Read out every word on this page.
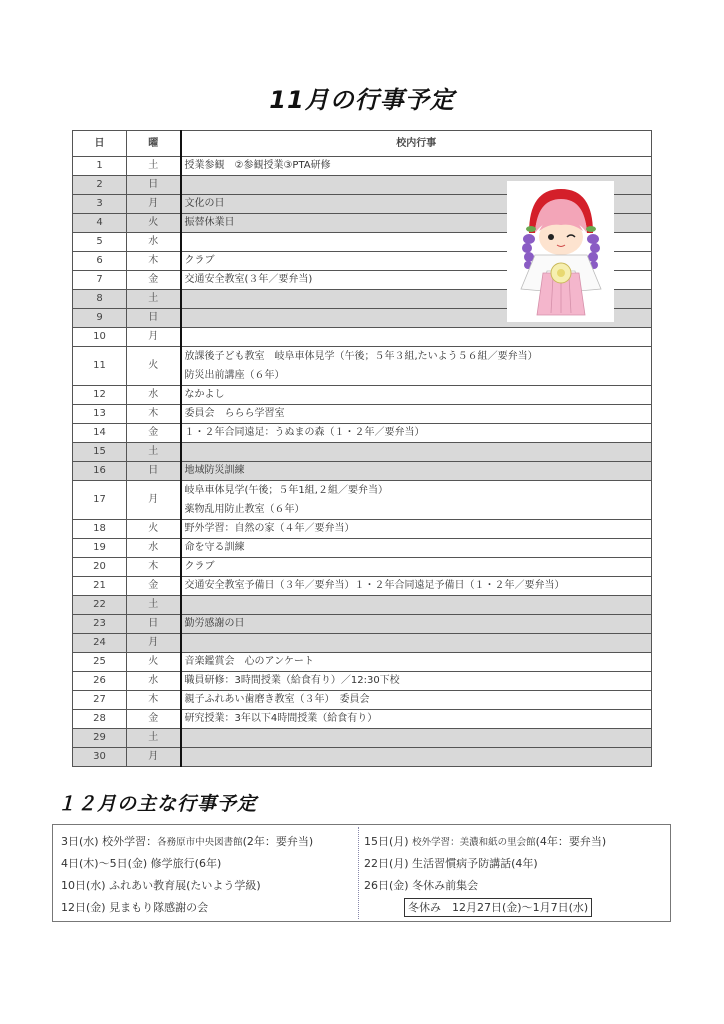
11月の行事予定
日	曜	校内行事
1	土	授業参観　②参観授業③PTA研修
2	日	
3	月	文化の日
4	火	振替休業日
5	水	
6	木	クラブ
7	金	交通安全教室(３年／要弁当)
8	土	
9	日	
10	月	
11	火	放課後子ども教室　岐阜車体見学（午後；５年３組,たいよう５６組／要弁当）
防災出前講座（６年）

12	水	なかよし
13	木	委員会　ららら学習室
14	金	１・２年合同遠足：うぬまの森（１・２年／要弁当）
15	土	
16	日	地域防災訓練
17	月	岐阜車体見学(午後；５年1組,２組／要弁当）
薬物乱用防止教室（６年）

18	火	野外学習：自然の家（４年／要弁当）
19	水	命を守る訓練
20	木	クラブ
21	金	交通安全教室予備日（３年／要弁当）１・２年合同遠足予備日（１・２年／要弁当）
22	土	
23	日	勤労感謝の日
24	月	
25	火	音楽鑑賞会　心のアンケート
26	水	職員研修：3時間授業（給食有り）／12:30下校
27	木	親子ふれあい歯磨き教室（３年）　委員会
28	金	研究授業：3年以下4時間授業（給食有り）
29	土	
30	月	
１２月の主な行事予定
3日(水) 校外学習：各務原市中央図書館(2年：要弁当)
4日(木)～5日(金) 修学旅行(6年)
10日(水) ふれあい教育展(たいよう学級)
12日(金) 見まもり隊感謝の会
15日(月) 校外学習：美濃和紙の里会館(4年：要弁当)
22日(月) 生活習慣病予防講話(4年)
26日(金) 冬休み前集会
冬休み　12月27日(金)～1月7日(水)
